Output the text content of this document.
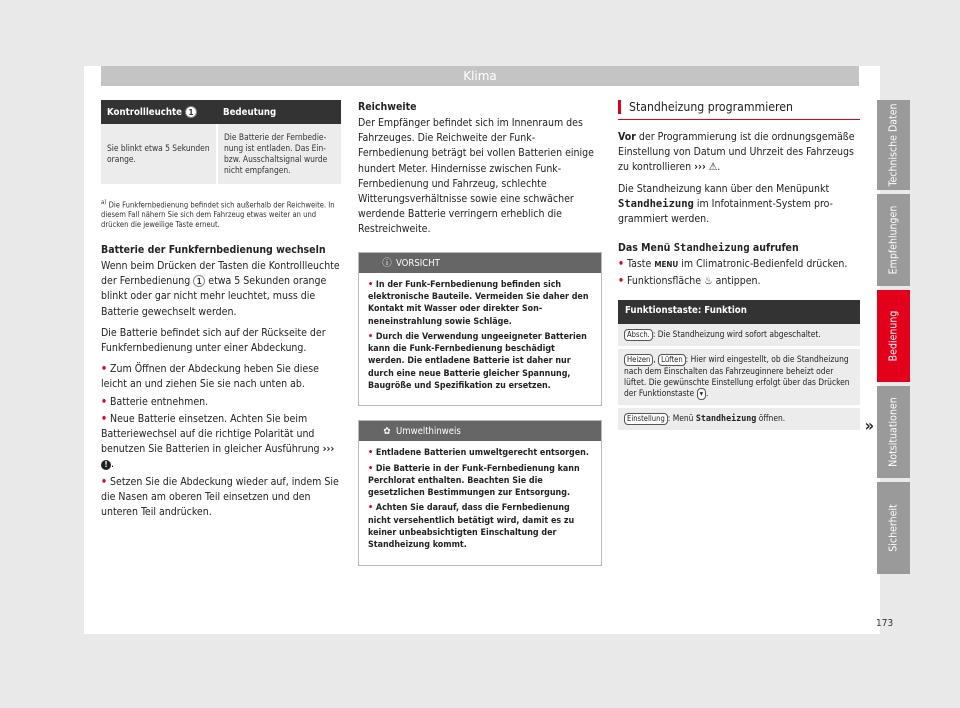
Klima
Kontrollleuchte 1	Bedeutung
Sie blinkt etwa 5 Sekunden orange.	Die Batterie der Fernbedienung ist entladen. Das Ein- bzw. Ausschaltsignal wurde nicht empfangen.
$^{a)}$ Die Funkfernbedienung befindet sich außerhalb der Reichweite. In diesem Fall nähern Sie sich dem Fahrzeug etwas weiter an und drücken die jeweilige Taste erneut.
Batterie der Funkfernbedienung wechseln

Wenn beim Drücken der Tasten die Kontrollleuchte der Fernbedienung 1 etwa 5 Sekunden orange blinkt oder gar nicht mehr leuchtet, muss die Batterie gewechselt werden.

Die Batterie befindet sich auf der Rückseite der Funkfernbedienung unter einer Abdeckung.

• Zum Öffnen der Abdeckung heben Sie diese leicht an und ziehen Sie sie nach unten ab.

• Batterie entnehmen.

• Neue Batterie einsetzen. Achten Sie beim Batteriewechsel auf die richtige Polarität und benutzen Sie Batterien in gleicher Ausführung ››› ! .

• Setzen Sie die Abdeckung wieder auf, indem Sie die Nasen am oberen Teil einsetzen und den unteren Teil andrücken.

Reichweite

Der Empfänger befindet sich im Innenraum des Fahrzeuges. Die Reichweite der FunkFernbedienung beträgt bei vollen Batterien einige hundert Meter. Hindernisse zwischen Funk-Fernbedienung und Fahrzeug, schlechte Witterungsverhältnisse sowie eine schwächer werdende Batterie verringern erheblich die Restreichweite.

ⓘ VORSICHT

• In der Funk-Fernbedienung befinden sich elektronische Bauteile. Vermeiden Sie daher den Kontakt mit Wasser oder direkter Sonneneinstrahlung sowie Schläge.

• Durch die Verwendung ungeeigneter Batterien kann die Funk-Fernbedienung beschädigt werden. Die entladene Batterie ist daher nur durch eine neue Batterie gleicher Spannung, Baugröße und Spezifikation zu ersetzen.

✿ Umwelthinweis

• Entladene Batterien umweltgerecht entsorgen.

• Die Batterie in der Funk-Fernbedienung kann Perchlorat enthalten. Beachten Sie die gesetzlichen Bestimmungen zur Entsorgung.

• Achten Sie darauf, dass die Fernbedienung nicht versehentlich betätigt wird, damit es zu keiner unbeabsichtigten Einschaltung der Standheizung kommt.

Standheizung programmieren

Vor der Programmierung ist die ordnungsgemäße Einstellung von Datum und Uhrzeit des Fahrzeugs zu kontrollieren ››› ⚠.

Die Standheizung kann über den Menüpunkt Standheizung im Infotainment-System programmiert werden.

Das Menü Standheizung aufrufen

• Taste MENU im Climatronic-Bedienfeld drücken.

• Funktionsfläche ♨ antippen.

Funktionstaste: Funktion
Absch. : Die Standheizung wird sofort abgeschaltet.
Heizen , Lüften : Hier wird eingestellt, ob die Standheizung nach dem Einschalten das Fahrzeuginnere beheizt oder lüftet. Die gewünschte Einstellung erfolgt über das Drücken der Funktionstaste ▾ .
Einstellung : Menü Standheizung öffnen.	»
Technische Daten
Empfehlungen
Bedienung
Notsituationen
Sicherheit
173
